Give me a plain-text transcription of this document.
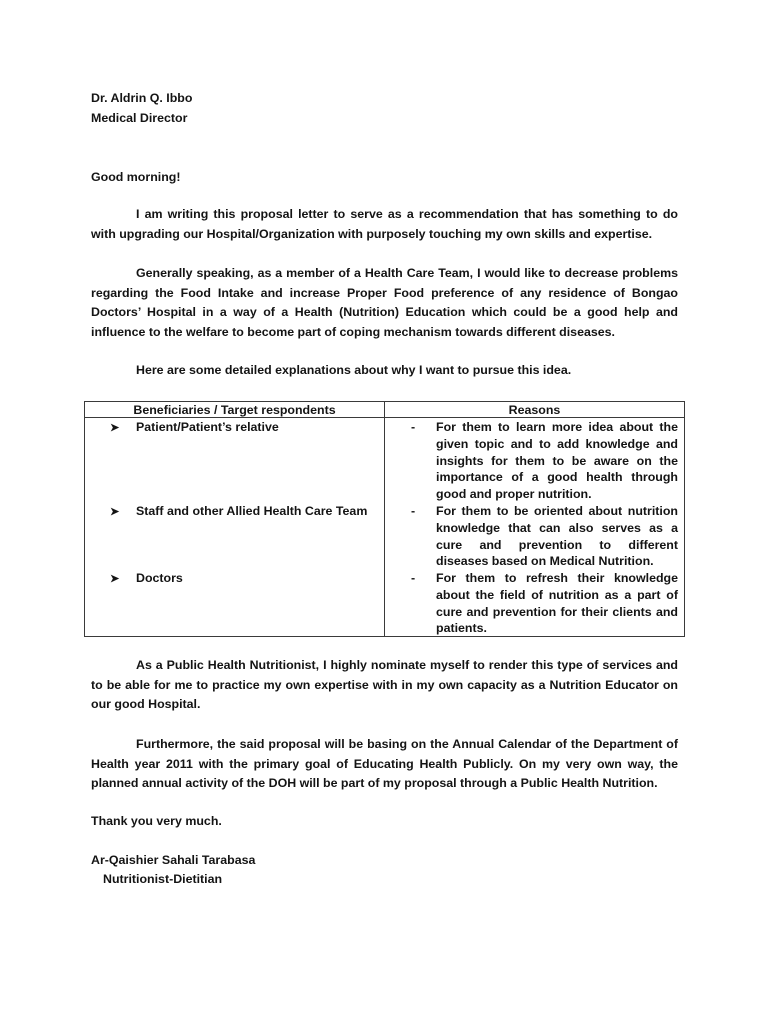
Dr. Aldrin Q. Ibbo
Medical Director
Good morning!
I am writing this proposal letter to serve as a recommendation that has something to do with upgrading our Hospital/Organization with purposely touching my own skills and expertise.
Generally speaking, as a member of a Health Care Team, I would like to decrease problems regarding the Food Intake and increase Proper Food preference of any residence of Bongao Doctors’ Hospital in a way of a Health (Nutrition) Education which could be a good help and influence to the welfare to become part of coping mechanism towards different diseases.
Here are some detailed explanations about why I want to pursue this idea.
Beneficiaries / Target respondents	Reasons
➤ Patient/Patient’s relative	- For them to learn more idea about the given topic and to add knowledge and insights for them to be aware on the importance of a good health through good and proper nutrition.
➤ Staff and other Allied Health Care Team	- For them to be oriented about nutrition knowledge that can also serves as a cure and prevention to different diseases based on Medical Nutrition.
➤ Doctors	- For them to refresh their knowledge about the field of nutrition as a part of cure and prevention for their clients and patients.
As a Public Health Nutritionist, I highly nominate myself to render this type of services and to be able for me to practice my own expertise with in my own capacity as a Nutrition Educator on our good Hospital.
Furthermore, the said proposal will be basing on the Annual Calendar of the Department of Health year 2011 with the primary goal of Educating Health Publicly. On my very own way, the planned annual activity of the DOH will be part of my proposal through a Public Health Nutrition.
Thank you very much.
Ar-Qaishier Sahali Tarabasa
Nutritionist-Dietitian
